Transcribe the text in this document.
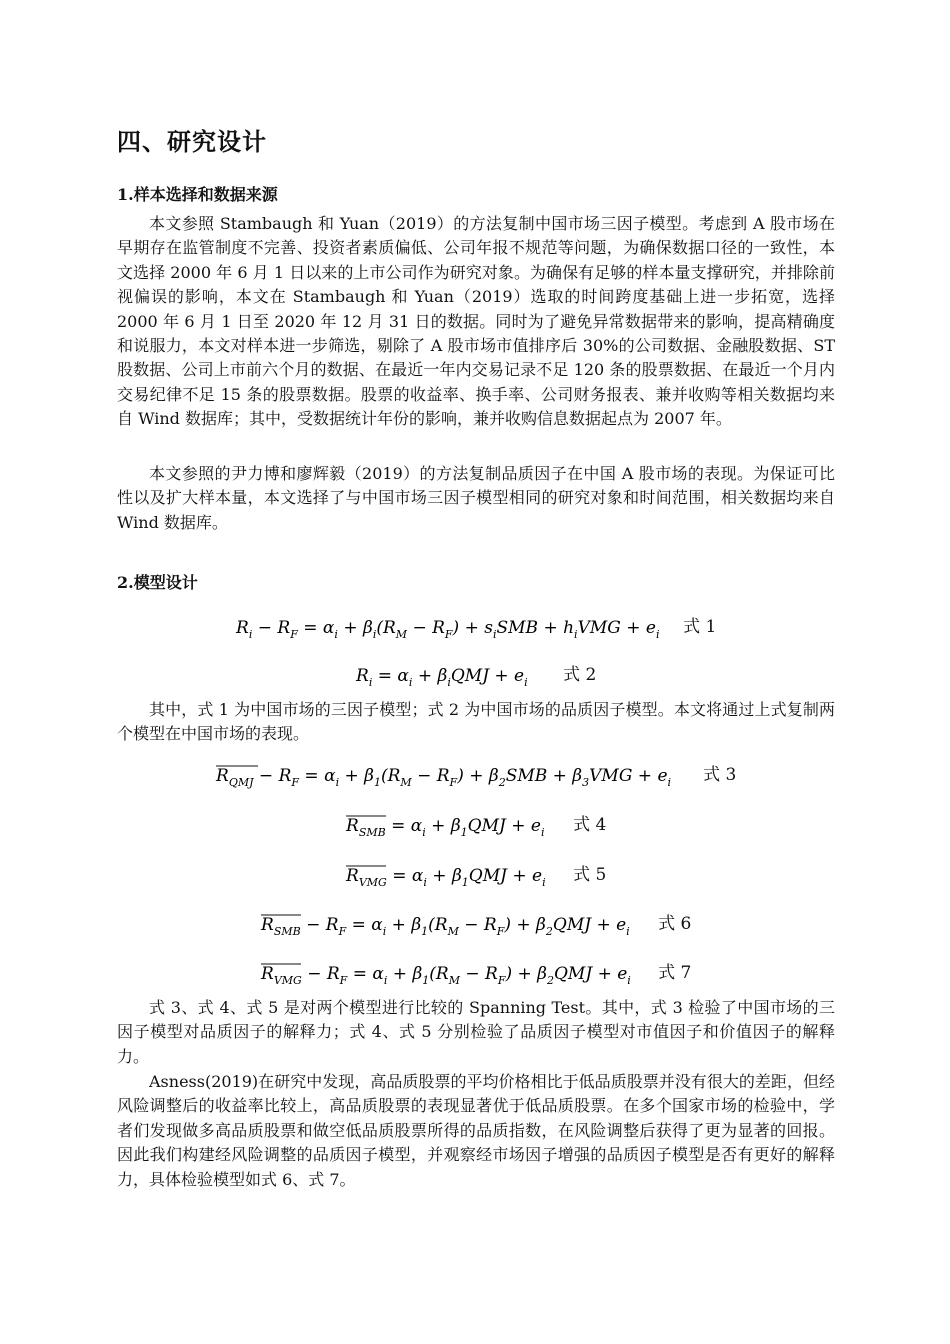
四、研究设计
1.样本选择和数据来源

本文参照 Stambaugh 和 Yuan（2019）的方法复制中国市场三因子模型。考虑到 A 股市场在早期存在监管制度不完善、投资者素质偏低、公司年报不规范等问题，为确保数据口径的一致性，本文选择 2000 年 6 月 1 日以来的上市公司作为研究对象。为确保有足够的样本量支撑研究，并排除前视偏误的影响，本文在 Stambaugh 和 Yuan（2019）选取的时间跨度基础上进一步拓宽，选择 2000 年 6 月 1 日至 2020 年 12 月 31 日的数据。同时为了避免异常数据带来的影响，提高精确度和说服力，本文对样本进一步筛选，剔除了 A 股市场市值排序后 30%的公司数据、金融股数据、ST 股数据、公司上市前六个月的数据、在最近一年内交易记录不足 120 条的股票数据、在最近一个月内交易纪律不足 15 条的股票数据。股票的收益率、换手率、公司财务报表、兼并收购等相关数据均来自 Wind 数据库；其中，受数据统计年份的影响，兼并收购信息数据起点为 2007 年。

本文参照的尹力博和廖辉毅（2019）的方法复制品质因子在中国 A 股市场的表现。为保证可比性以及扩大样本量，本文选择了与中国市场三因子模型相同的研究对象和时间范围，相关数据均来自 Wind 数据库。

2.模型设计
$R_i - R_F = \alpha_i + \beta_i(R_M - R_F) + s_iSMB + h_iVMG + e_i$ 式 1
$R_i = \alpha_i + \beta_iQMJ + e_i$ 式 2

其中，式 1 为中国市场的三因子模型；式 2 为中国市场的品质因子模型。本文将通过上式复制两个模型在中国市场的表现。

$R_{QMJ} - R_F = \alpha_i + \beta_1(R_M - R_F) + \beta_2SMB + \beta_3VMG + e_i$ 式 3
$R_{SMB} = \alpha_i + \beta_1QMJ + e_i$ 式 4
$R_{VMG} = \alpha_i + \beta_1QMJ + e_i$ 式 5
$R_{SMB} - R_F = \alpha_i + \beta_1(R_M - R_F) + \beta_2QMJ + e_i$ 式 6
$R_{VMG} - R_F = \alpha_i + \beta_1(R_M - R_F) + \beta_2QMJ + e_i$ 式 7

式 3、式 4、式 5 是对两个模型进行比较的 Spanning Test。其中，式 3 检验了中国市场的三因子模型对品质因子的解释力；式 4、式 5 分别检验了品质因子模型对市值因子和价值因子的解释力。

Asness(2019)在研究中发现，高品质股票的平均价格相比于低品质股票并没有很大的差距，但经风险调整后的收益率比较上，高品质股票的表现显著优于低品质股票。在多个国家市场的检验中，学者们发现做多高品质股票和做空低品质股票所得的品质指数，在风险调整后获得了更为显著的回报。因此我们构建经风险调整的品质因子模型，并观察经市场因子增强的品质因子模型是否有更好的解释力，具体检验模型如式 6、式 7。
